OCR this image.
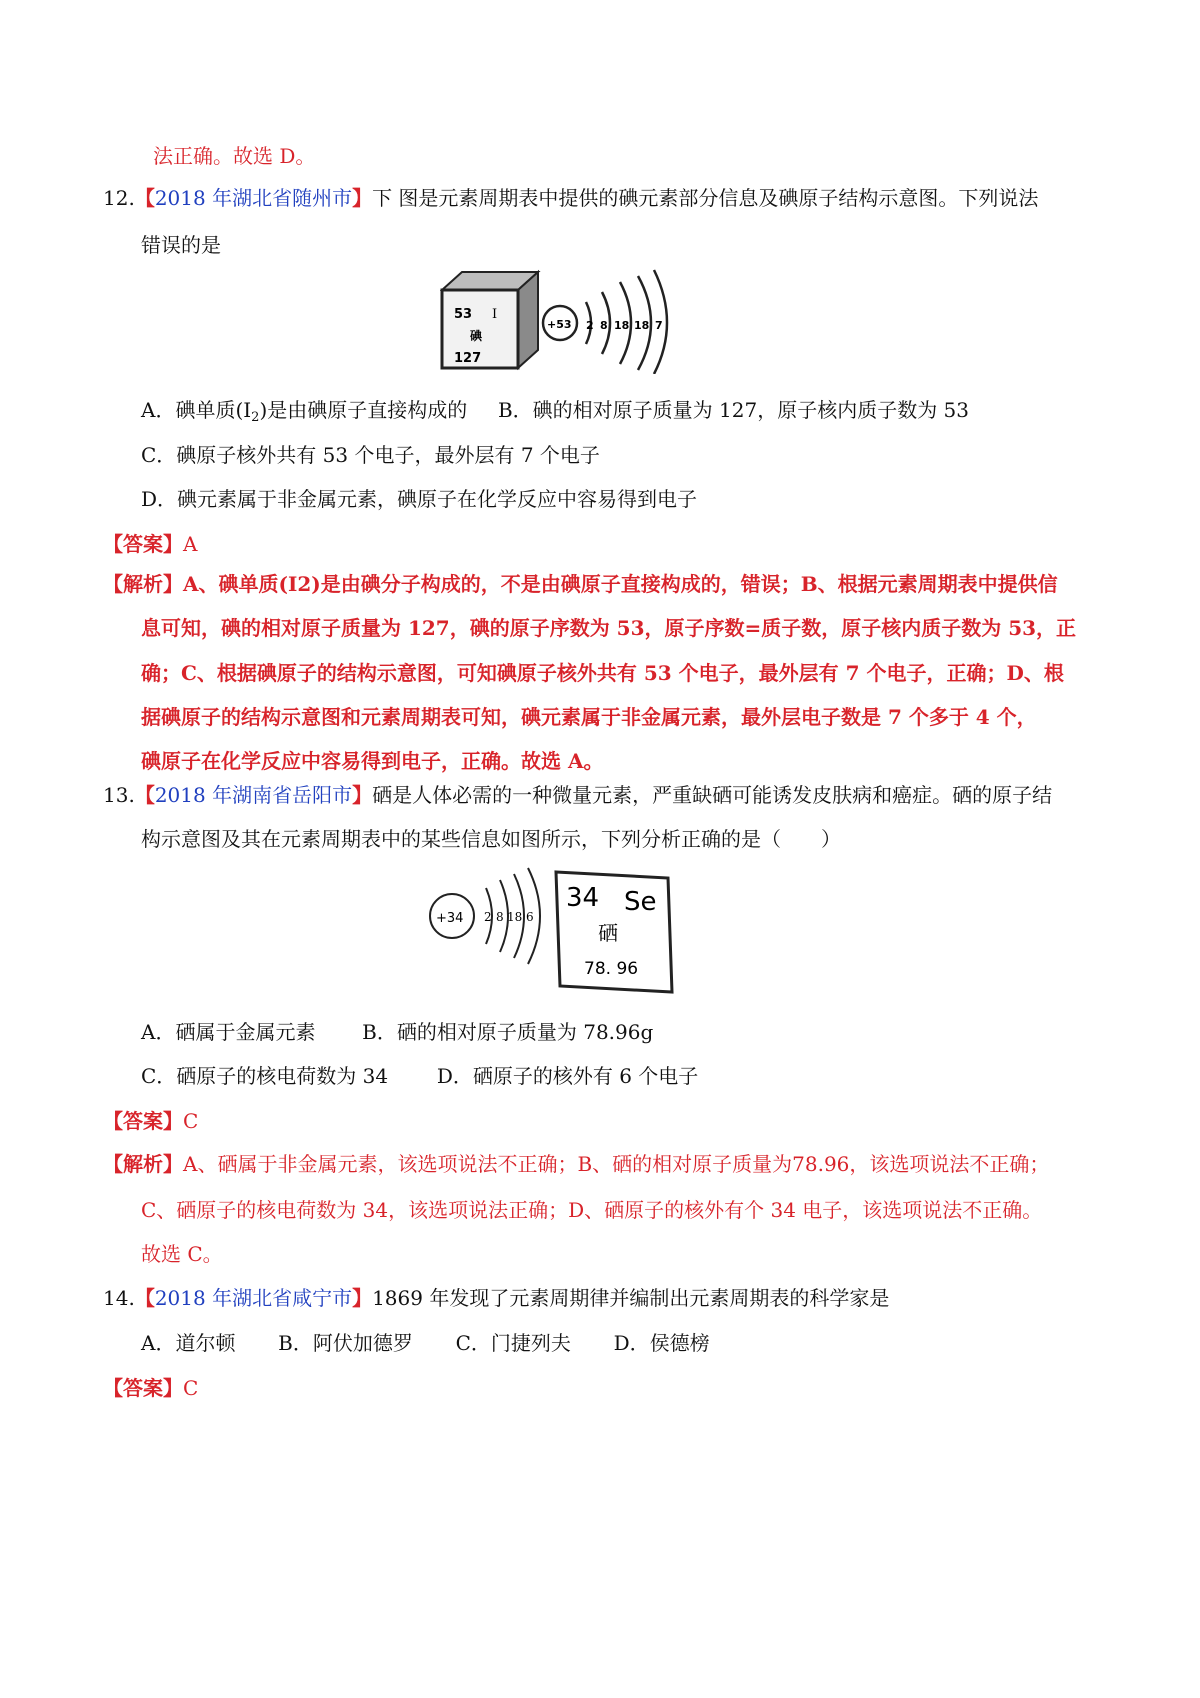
法正确。故选 D。
12.【2018 年湖北省随州市】下 图是元素周期表中提供的碘元素部分信息及碘原子结构示意图。下列说法
错误的是
53 I
碘
127
+53 2 8 18 18 7
A．碘单质$(I_2)$是由碘原子直接构成的 B．碘的相对原子质量为 127，原子核内质子数为 53
C．碘原子核外共有 53 个电子，最外层有 7 个电子
D．碘元素属于非金属元素，碘原子在化学反应中容易得到电子
【答案】A
【解析】A、碘单质(I2)是由碘分子构成的，不是由碘原子直接构成的，错误；B、根据元素周期表中提供信
息可知，碘的相对原子质量为 127，碘的原子序数为 53，原子序数=质子数，原子核内质子数为 53，正
确；C、根据碘原子的结构示意图，可知碘原子核外共有 53 个电子，最外层有 7 个电子，正确；D、根
据碘原子的结构示意图和元素周期表可知，碘元素属于非金属元素，最外层电子数是 7 个多于 4 个，
碘原子在化学反应中容易得到电子，正确。故选 A。
13.【2018 年湖南省岳阳市】硒是人体必需的一种微量元素，严重缺硒可能诱发皮肤病和癌症。硒的原子结
构示意图及其在元素周期表中的某些信息如图所示，下列分析正确的是（　　）
+34 2 8 18 6
34 Se
硒
78. 96
A．硒属于金属元素 B．硒的相对原子质量为 78.96g
C．硒原子的核电荷数为 34 D．硒原子的核外有 6 个电子
【答案】C
【解析】A、硒属于非金属元素，该选项说法不正确；B、硒的相对原子质量为78.96，该选项说法不正确；
C、硒原子的核电荷数为 34，该选项说法正确；D、硒原子的核外有个 34 电子，该选项说法不正确。
故选 C。
14.【2018 年湖北省咸宁市】1869 年发现了元素周期律并编制出元素周期表的科学家是
A．道尔顿 B．阿伏加德罗 C．门捷列夫 D．侯德榜
【答案】C
